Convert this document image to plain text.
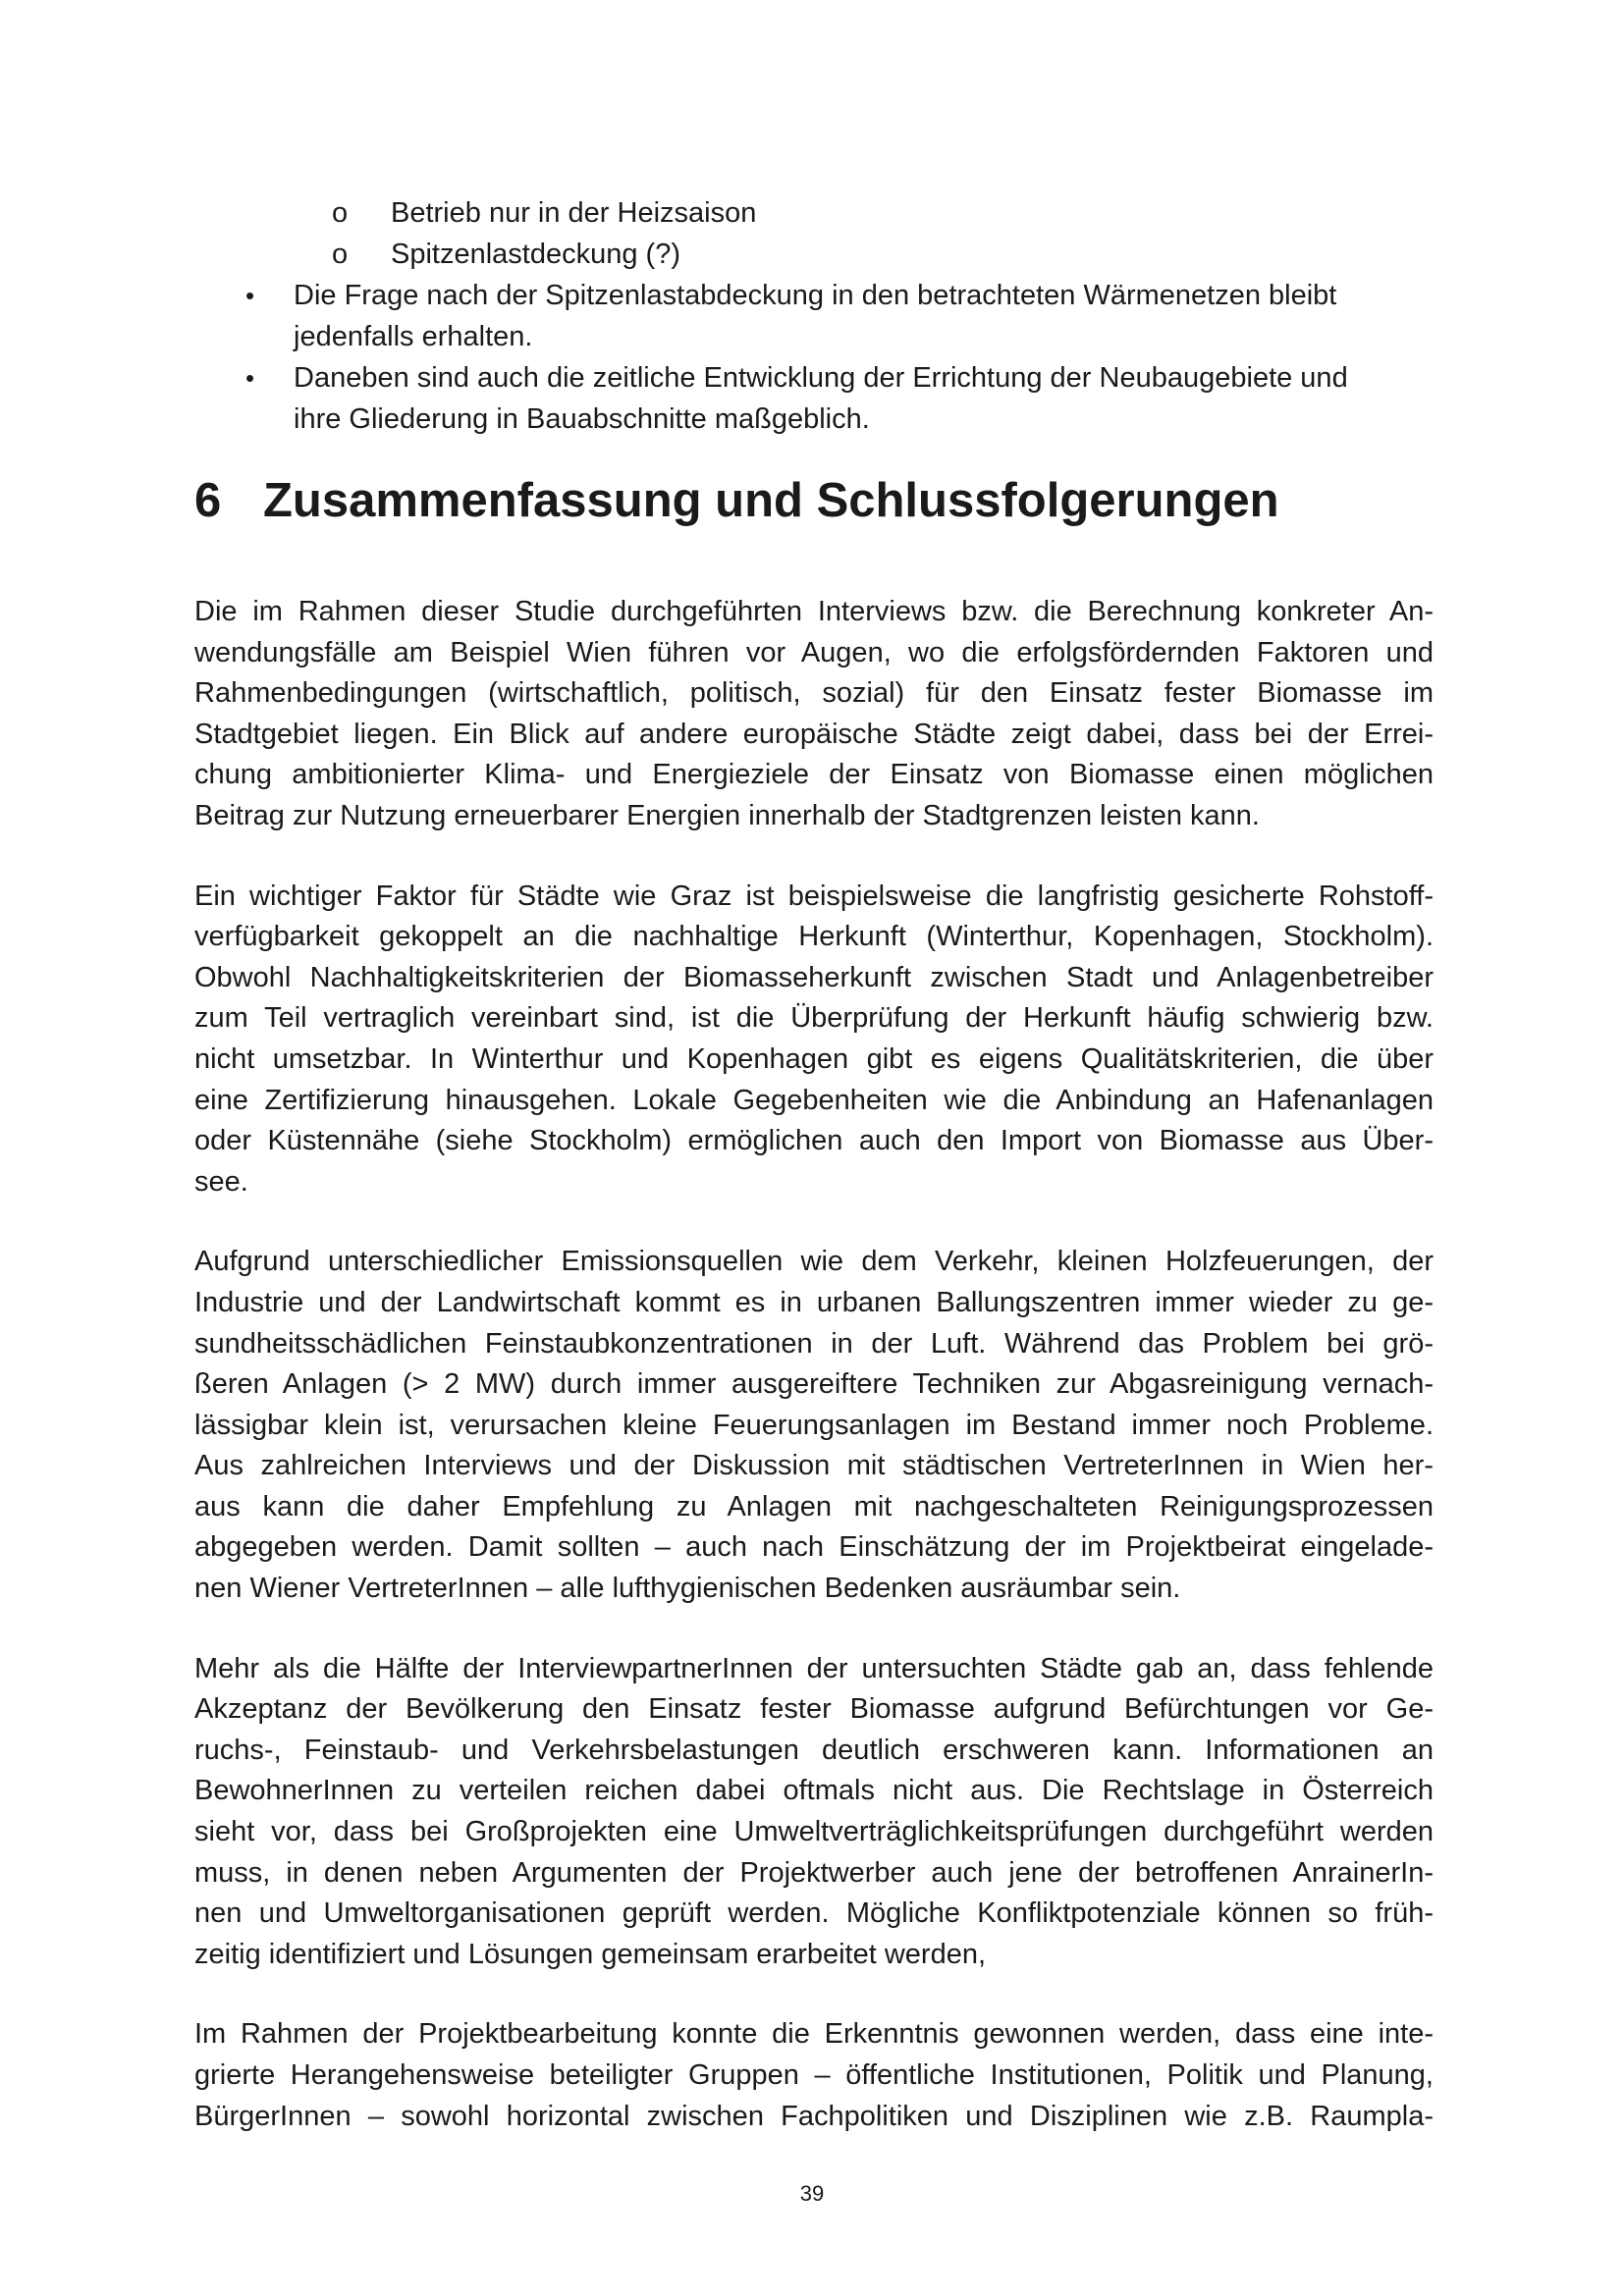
o Betrieb nur in der Heizsaison
o Spitzenlastdeckung (?)
• Die Frage nach der Spitzenlastabdeckung in den betrachteten Wärmenetzen bleibt
jedenfalls erhalten.
• Daneben sind auch die zeitliche Entwicklung der Errichtung der Neubaugebiete und
ihre Gliederung in Bauabschnitte maßgeblich.
6 Zusammenfassung und Schlussfolgerungen
Die im Rahmen dieser Studie durchgeführten Interviews bzw. die Berechnung konkreter An-
wendungsfälle am Beispiel Wien führen vor Augen, wo die erfolgsfördernden Faktoren und
Rahmenbedingungen (wirtschaftlich, politisch, sozial) für den Einsatz fester Biomasse im
Stadtgebiet liegen. Ein Blick auf andere europäische Städte zeigt dabei, dass bei der Errei-
chung ambitionierter Klima- und Energieziele der Einsatz von Biomasse einen möglichen
Beitrag zur Nutzung erneuerbarer Energien innerhalb der Stadtgrenzen leisten kann.
Ein wichtiger Faktor für Städte wie Graz ist beispielsweise die langfristig gesicherte Rohstoff-
verfügbarkeit gekoppelt an die nachhaltige Herkunft (Winterthur, Kopenhagen, Stockholm).
Obwohl Nachhaltigkeitskriterien der Biomasseherkunft zwischen Stadt und Anlagenbetreiber
zum Teil vertraglich vereinbart sind, ist die Überprüfung der Herkunft häufig schwierig bzw.
nicht umsetzbar. In Winterthur und Kopenhagen gibt es eigens Qualitätskriterien, die über
eine Zertifizierung hinausgehen. Lokale Gegebenheiten wie die Anbindung an Hafenanlagen
oder Küstennähe (siehe Stockholm) ermöglichen auch den Import von Biomasse aus Über-
see.
Aufgrund unterschiedlicher Emissionsquellen wie dem Verkehr, kleinen Holzfeuerungen, der
Industrie und der Landwirtschaft kommt es in urbanen Ballungszentren immer wieder zu ge-
sundheitsschädlichen Feinstaubkonzentrationen in der Luft. Während das Problem bei grö-
ßeren Anlagen (> 2 MW) durch immer ausgereiftere Techniken zur Abgasreinigung vernach-
lässigbar klein ist, verursachen kleine Feuerungsanlagen im Bestand immer noch Probleme.
Aus zahlreichen Interviews und der Diskussion mit städtischen VertreterInnen in Wien her-
aus kann die daher Empfehlung zu Anlagen mit nachgeschalteten Reinigungsprozessen
abgegeben werden. Damit sollten – auch nach Einschätzung der im Projektbeirat eingelade-
nen Wiener VertreterInnen – alle lufthygienischen Bedenken ausräumbar sein.
Mehr als die Hälfte der InterviewpartnerInnen der untersuchten Städte gab an, dass fehlende
Akzeptanz der Bevölkerung den Einsatz fester Biomasse aufgrund Befürchtungen vor Ge-
ruchs-, Feinstaub- und Verkehrsbelastungen deutlich erschweren kann. Informationen an
BewohnerInnen zu verteilen reichen dabei oftmals nicht aus. Die Rechtslage in Österreich
sieht vor, dass bei Großprojekten eine Umweltverträglichkeitsprüfungen durchgeführt werden
muss, in denen neben Argumenten der Projektwerber auch jene der betroffenen AnrainerIn-
nen und Umweltorganisationen geprüft werden. Mögliche Konfliktpotenziale können so früh-
zeitig identifiziert und Lösungen gemeinsam erarbeitet werden,
Im Rahmen der Projektbearbeitung konnte die Erkenntnis gewonnen werden, dass eine inte-
grierte Herangehensweise beteiligter Gruppen – öffentliche Institutionen, Politik und Planung,
BürgerInnen – sowohl horizontal zwischen Fachpolitiken und Disziplinen wie z.B. Raumpla-
39
